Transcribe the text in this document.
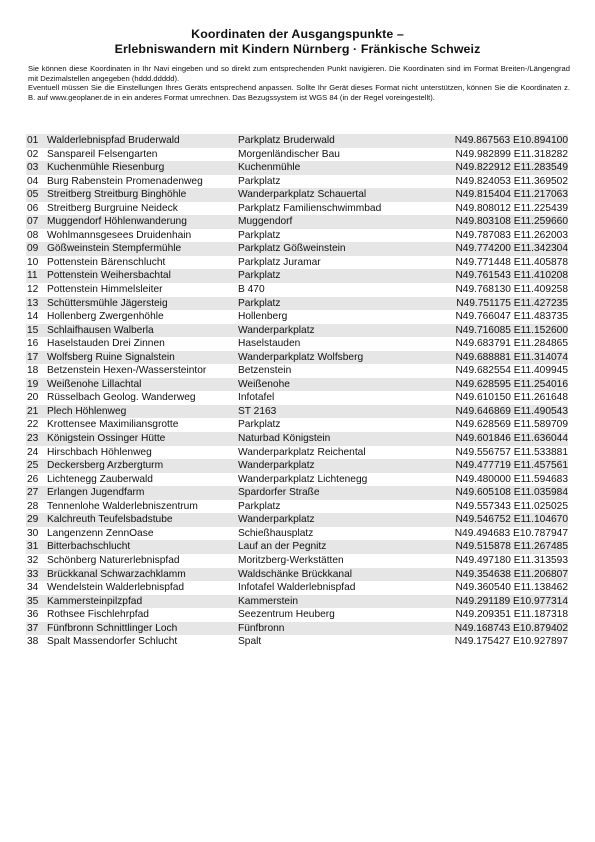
Koordinaten der Ausgangspunkte –
Erlebniswandern mit Kindern Nürnberg · Fränkische Schweiz

Sie können diese Koordinaten in Ihr Navi eingeben und so direkt zum entsprechenden Punkt navigieren. Die Koordinaten sind im Format Breiten-/Längengrad mit Dezimalstellen angegeben (hddd.ddddd).

Eventuell müssen Sie die Einstellungen Ihres Geräts entsprechend anpassen. Sollte Ihr Gerät dieses Format nicht unterstützen, können Sie die Koordinaten z. B. auf www.geoplaner.de in ein anderes Format umrechnen. Das Bezugssystem ist WGS 84 (in der Regel voreingestellt).

01	Walderlebnispfad Bruderwald	Parkplatz Bruderwald	N49.867563 E10.894100
02	Sanspareil Felsengarten	Morgenländischer Bau	N49.982899 E11.318282
03	Kuchenmühle Riesenburg	Kuchenmühle	N49.822912 E11.283549
04	Burg Rabenstein Promenadenweg	Parkplatz	N49.824053 E11.369502
05	Streitberg Streitburg Binghöhle	Wanderparkplatz Schauertal	N49.815404 E11.217063
06	Streitberg Burgruine Neideck	Parkplatz Familienschwimmbad	N49.808012 E11.225439
07	Muggendorf Höhlenwanderung	Muggendorf	N49.803108 E11.259660
08	Wohlmannsgesees Druidenhain	Parkplatz	N49.787083 E11.262003
09	Gößweinstein Stempfermühle	Parkplatz Gößweinstein	N49.774200 E11.342304
10	Pottenstein Bärenschlucht	Parkplatz Juramar	N49.771448 E11.405878
11	Pottenstein Weihersbachtal	Parkplatz	N49.761543 E11.410208
12	Pottenstein Himmelsleiter	B 470	N49.768130 E11.409258
13	Schüttersmühle Jägersteig	Parkplatz	N49.751175 E11.427235
14	Hollenberg Zwergenhöhle	Hollenberg	N49.766047 E11.483735
15	Schlaifhausen Walberla	Wanderparkplatz	N49.716085 E11.152600
16	Haselstauden Drei Zinnen	Haselstauden	N49.683791 E11.284865
17	Wolfsberg Ruine Signalstein	Wanderparkplatz Wolfsberg	N49.688881 E11.314074
18	Betzenstein Hexen-/Wassersteintor	Betzenstein	N49.682554 E11.409945
19	Weißenohe Lillachtal	Weißenohe	N49.628595 E11.254016
20	Rüsselbach Geolog. Wanderweg	Infotafel	N49.610150 E11.261648
21	Plech Höhlenweg	ST 2163	N49.646869 E11.490543
22	Krottensee Maximiliansgrotte	Parkplatz	N49.628569 E11.589709
23	Königstein Ossinger Hütte	Naturbad Königstein	N49.601846 E11.636044
24	Hirschbach Höhlenweg	Wanderparkplatz Reichental	N49.556757 E11.533881
25	Deckersberg Arzbergturm	Wanderparkplatz	N49.477719 E11.457561
26	Lichtenegg Zauberwald	Wanderparkplatz Lichtenegg	N49.480000 E11.594683
27	Erlangen Jugendfarm	Spardorfer Straße	N49.605108 E11.035984
28	Tennenlohe Walderlebniszentrum	Parkplatz	N49.557343 E11.025025
29	Kalchreuth Teufelsbadstube	Wanderparkplatz	N49.546752 E11.104670
30	Langenzenn ZennOase	Schießhausplatz	N49.494683 E10.787947
31	Bitterbachschlucht	Lauf an der Pegnitz	N49.515878 E11.267485
32	Schönberg Naturerlebnispfad	Moritzberg-Werkstätten	N49.497180 E11.313593
33	Brückkanal Schwarzachklamm	Waldschänke Brückkanal	N49.354638 E11.206807
34	Wendelstein Walderlebnispfad	Infotafel Walderlebnispfad	N49.360540 E11.138462
35	Kammersteinpilzpfad	Kammerstein	N49.291189 E10.977314
36	Rothsee Fischlehrpfad	Seezentrum Heuberg	N49.209351 E11.187318
37	Fünfbronn Schnittlinger Loch	Fünfbronn	N49.168743 E10.879402
38	Spalt Massendorfer Schlucht	Spalt	N49.175427 E10.927897
